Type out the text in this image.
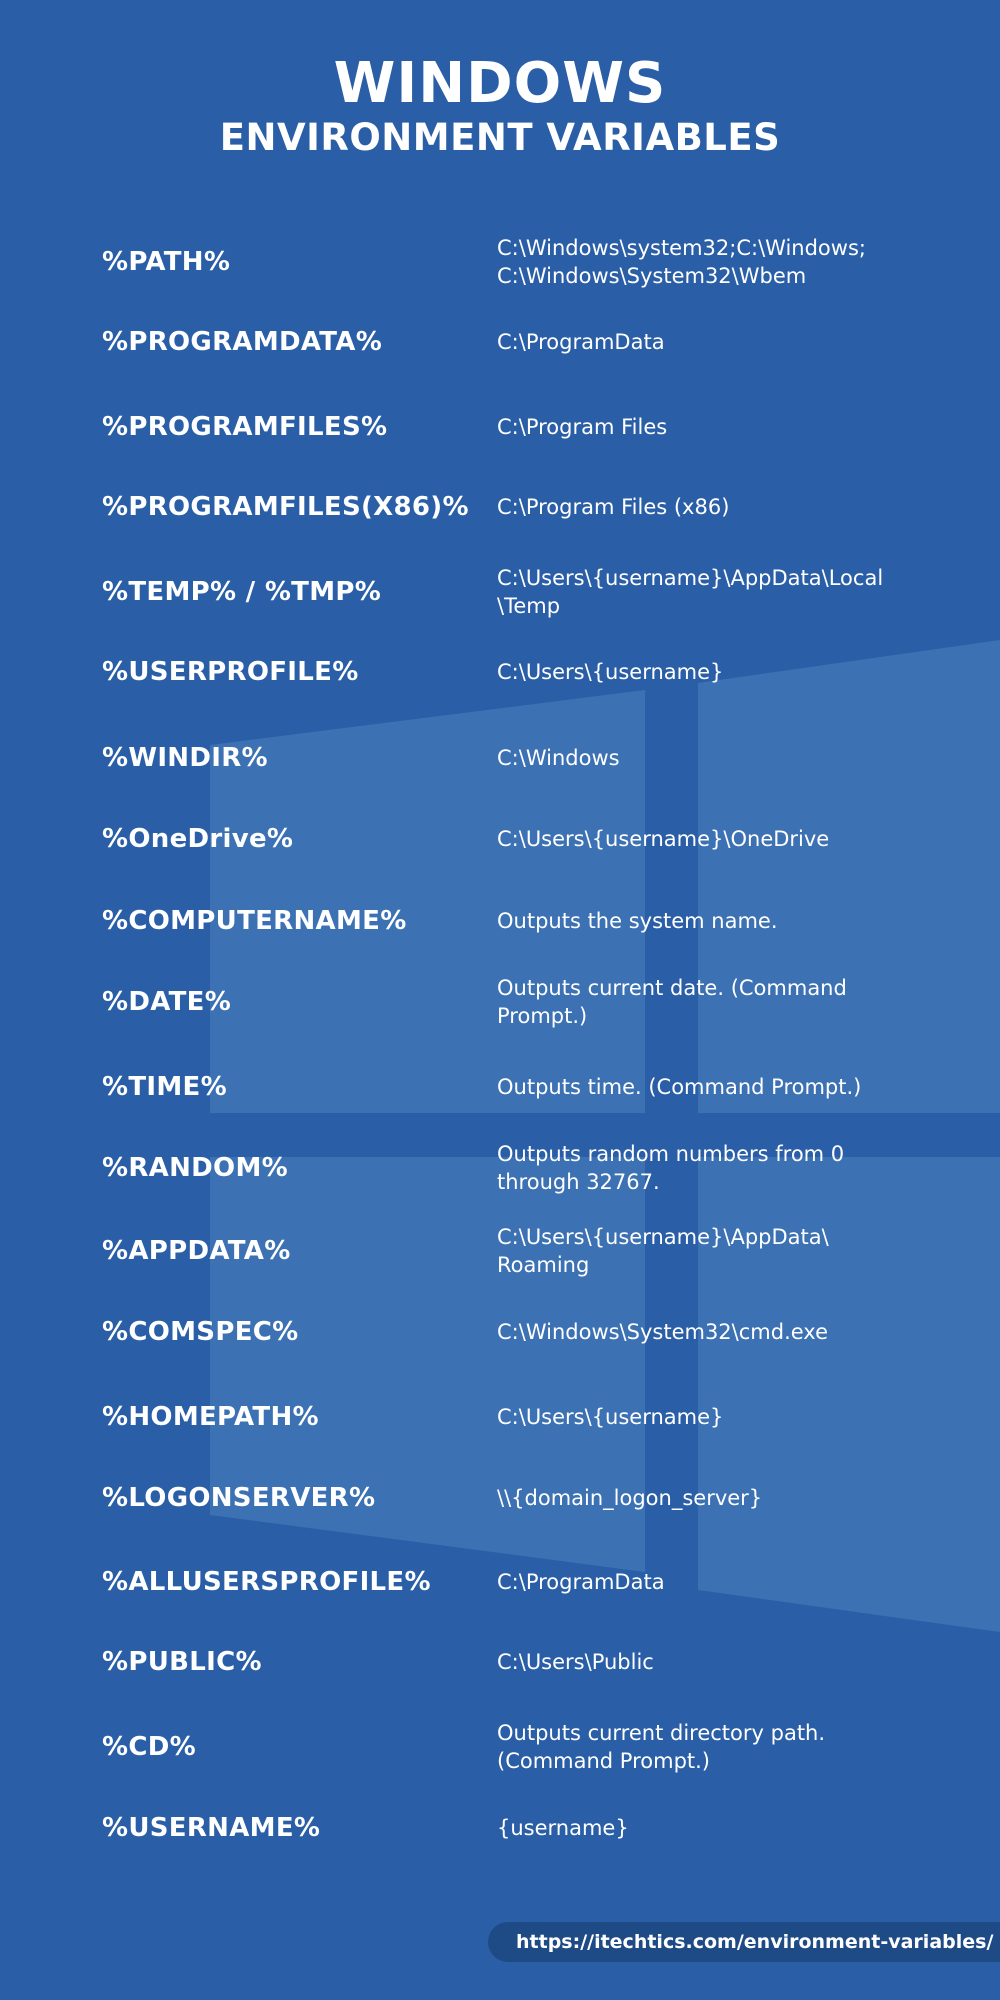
WINDOWS
ENVIRONMENT VARIABLES
%PATH%	C:\Windows\system32;C:\Windows;
C:\Windows\System32\Wbem
%PROGRAMDATA%	C:\ProgramData
%PROGRAMFILES%	C:\Program Files
%PROGRAMFILES(X86)%	C:\Program Files (x86)
%TEMP% / %TMP%	C:\Users\{username}\AppData\Local
\Temp
%USERPROFILE%	C:\Users\{username}
%WINDIR%	C:\Windows
%OneDrive%	C:\Users\{username}\OneDrive
%COMPUTERNAME%	Outputs the system name.
%DATE%	Outputs current date. (Command
Prompt.)
%TIME%	Outputs time. (Command Prompt.)
%RANDOM%	Outputs random numbers from 0
through 32767.
%APPDATA%	C:\Users\{username}\AppData\
Roaming
%COMSPEC%	C:\Windows\System32\cmd.exe
%HOMEPATH%	C:\Users\{username}
%LOGONSERVER%	\\{domain_logon_server}
%ALLUSERSPROFILE%	C:\ProgramData
%PUBLIC%	C:\Users\Public
%CD%	Outputs current directory path.
(Command Prompt.)
%USERNAME%	{username}
https://itechtics.com/environment-variables/
